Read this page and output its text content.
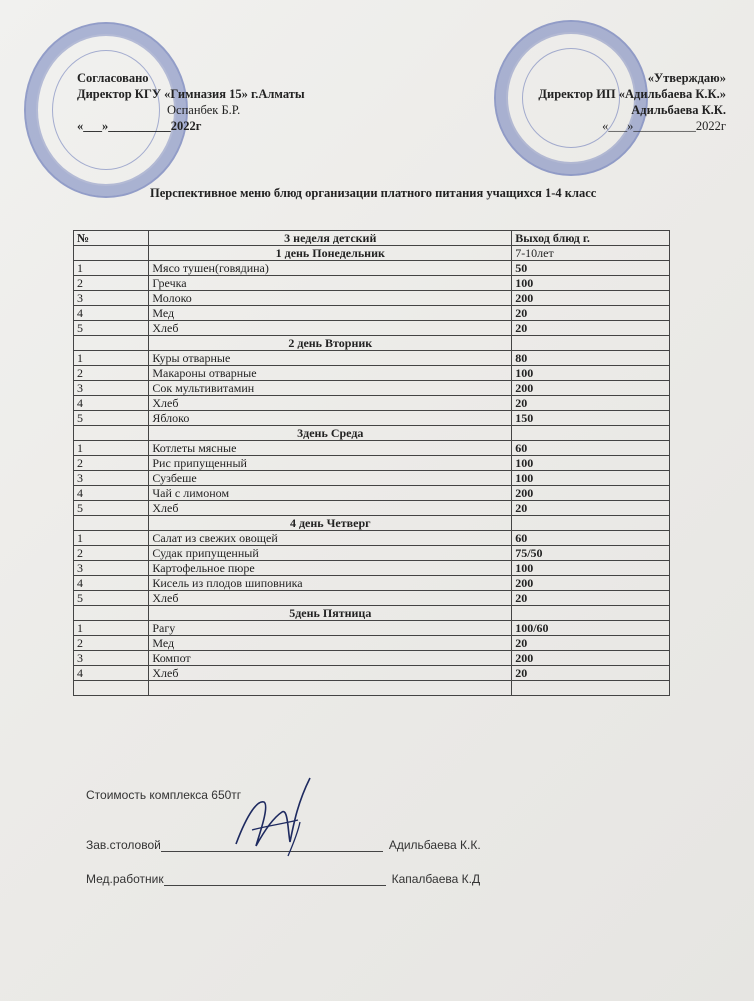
Согласовано
Директор КГУ «Гимназия 15» г.Алматы
Оспанбек Б.Р.
«___»__________2022г
«Утверждаю»
Директор ИП «Адильбаева К.К.»
Адильбаева К.К.
«___»__________2022г
Перспективное меню блюд организации платного питания учащихся 1-4 класс
№	3 неделя детский	Выход блюд г.
	1 день Понедельник	7-10лет
1	Мясо тушен(говядина)	50
2	Гречка	100
3	Молоко	200
4	Мед	20
5	Хлеб	20
	2 день Вторник	
1	Куры отварные	80
2	Макароны отварные	100
3	Сок мультивитамин	200
4	Хлеб	20
5	Яблоко	150
	3день Среда	
1	Котлеты мясные	60
2	Рис припущенный	100
3	Сузбеше	100
4	Чай с лимоном	200
5	Хлеб	20
	4 день Четверг	
1	Салат из свежих овощей	60
2	Судак припущенный	75/50
3	Картофельное пюре	100
4	Кисель из плодов шиповника	200
5	Хлеб	20
	5день Пятница	
1	Рагу	100/60
2	Мед	20
3	Компот	200
4	Хлеб	20

Стоимость комплекса 650тг
Зав.столовой	Адильбаева К.К.
Мед.работник	Капалбаева К.Д
